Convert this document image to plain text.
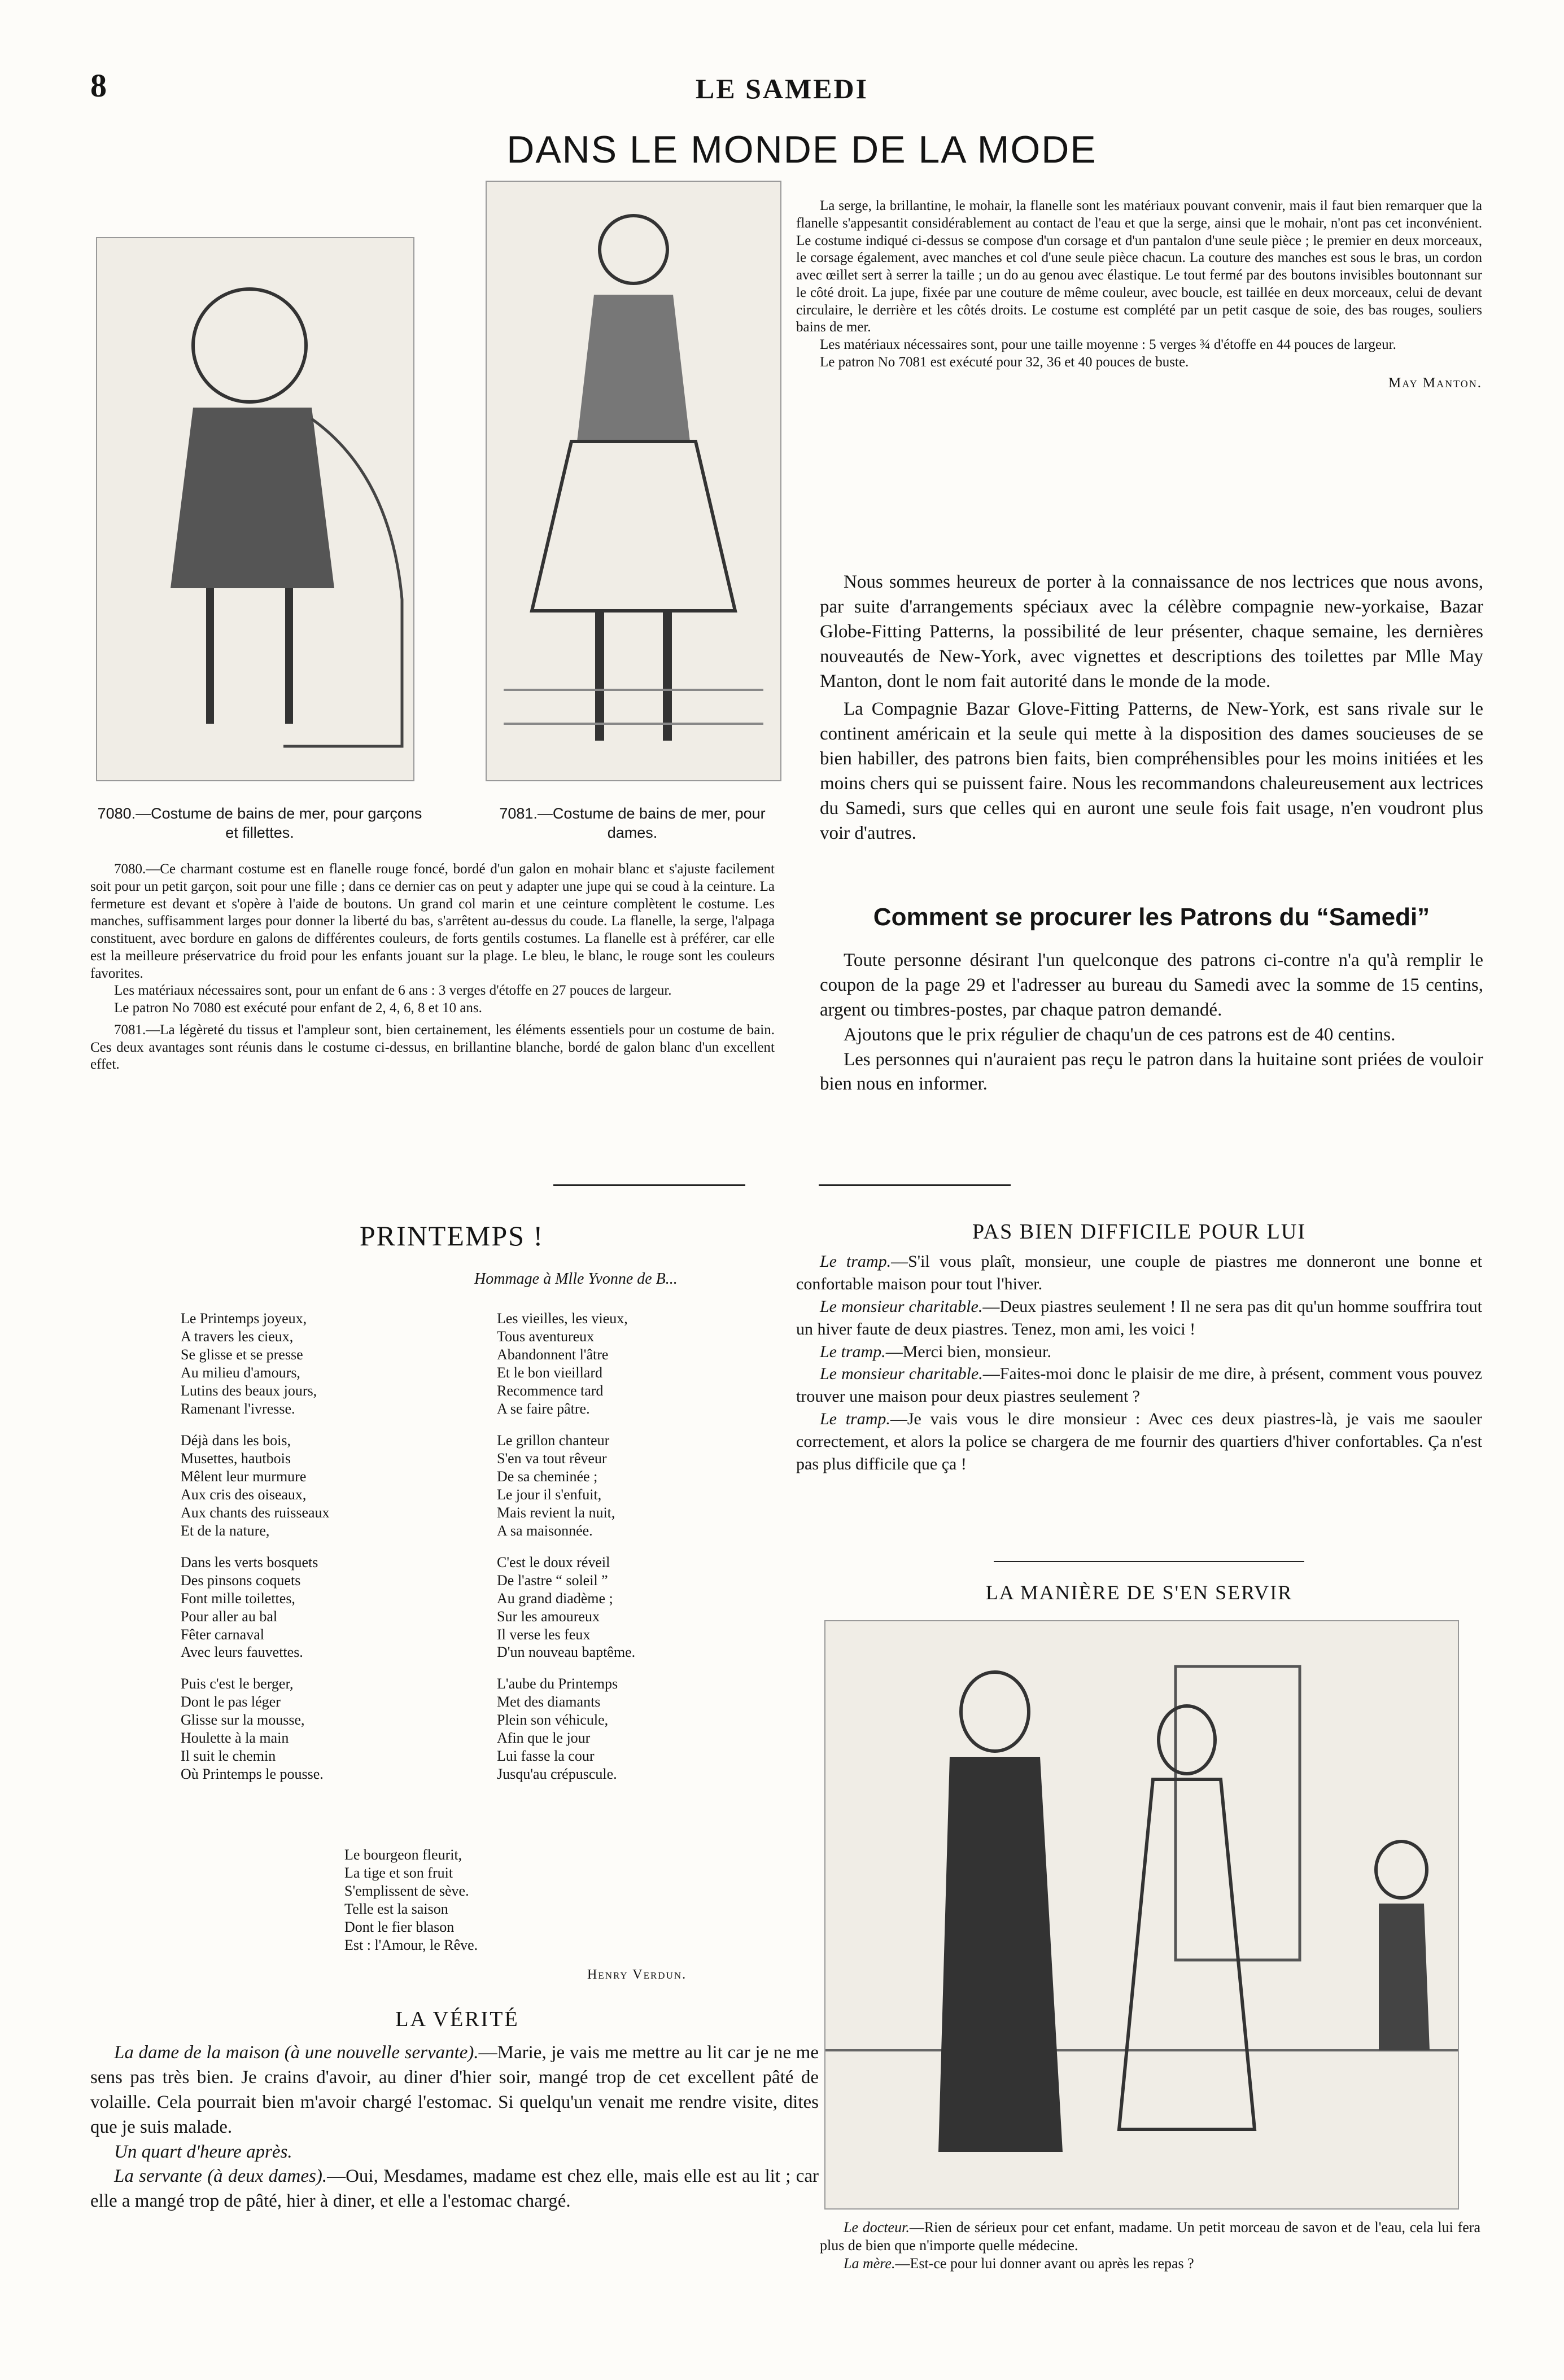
8	LE SAMEDI
DANS LE MONDE DE LA MODE
7080.—Costume de bains de mer, pour garçons et fillettes.
7081.—Costume de bains de mer, pour dames.

7080.—Ce charmant costume est en flanelle rouge foncé, bordé d'un galon en mohair blanc et s'ajuste facilement soit pour un petit garçon, soit pour une fille ; dans ce dernier cas on peut y adapter une jupe qui se coud à la ceinture. La fermeture est devant et s'opère à l'aide de boutons. Un grand col marin et une ceinture complètent le costume. Les manches, suffisamment larges pour donner la liberté du bas, s'arrêtent au-dessus du coude. La flanelle, la serge, l'alpaga constituent, avec bordure en galons de différentes couleurs, de forts gentils costumes. La flanelle est à préférer, car elle est la meilleure préservatrice du froid pour les enfants jouant sur la plage. Le bleu, le blanc, le rouge sont les couleurs favorites.

Les matériaux nécessaires sont, pour un enfant de 6 ans : 3 verges d'étoffe en 27 pouces de largeur.

Le patron No 7080 est exécuté pour enfant de 2, 4, 6, 8 et 10 ans.

7081.—La légèreté du tissus et l'ampleur sont, bien certainement, les éléments essentiels pour un costume de bain. Ces deux avantages sont réunis dans le costume ci-dessus, en brillantine blanche, bordé de galon blanc d'un excellent effet.

La serge, la brillantine, le mohair, la flanelle sont les matériaux pouvant convenir, mais il faut bien remarquer que la flanelle s'appesantit considérablement au contact de l'eau et que la serge, ainsi que le mohair, n'ont pas cet inconvénient. Le costume indiqué ci-dessus se compose d'un corsage et d'un pantalon d'une seule pièce ; le premier en deux morceaux, le corsage également, avec manches et col d'une seule pièce chacun. La couture des manches est sous le bras, un cordon avec œillet sert à serrer la taille ; un do au genou avec élastique. Le tout fermé par des boutons invisibles boutonnant sur le côté droit. La jupe, fixée par une couture de même couleur, avec boucle, est taillée en deux morceaux, celui de devant circulaire, le derrière et les côtés droits. Le costume est complété par un petit casque de soie, des bas rouges, souliers bains de mer.

Les matériaux nécessaires sont, pour une taille moyenne : 5 verges ¾ d'étoffe en 44 pouces de largeur.

Le patron No 7081 est exécuté pour 32, 36 et 40 pouces de buste.

May Manton.

Nous sommes heureux de porter à la connaissance de nos lectrices que nous avons, par suite d'arrangements spéciaux avec la célèbre compagnie new-yorkaise, Bazar Globe-Fitting Patterns, la possibilité de leur présenter, chaque semaine, les dernières nouveautés de New-York, avec vignettes et descriptions des toilettes par Mlle May Manton, dont le nom fait autorité dans le monde de la mode.

La Compagnie Bazar Glove-Fitting Patterns, de New-York, est sans rivale sur le continent américain et la seule qui mette à la disposition des dames soucieuses de se bien habiller, des patrons bien faits, bien compréhensibles pour les moins initiées et les moins chers qui se puissent faire. Nous les recommandons chaleureusement aux lectrices du Samedi, surs que celles qui en auront une seule fois fait usage, n'en voudront plus voir d'autres.

Comment se procurer les Patrons du “Samedi”

Toute personne désirant l'un quelconque des patrons ci-contre n'a qu'à remplir le coupon de la page 29 et l'adresser au bureau du Samedi avec la somme de 15 centins, argent ou timbres-postes, par chaque patron demandé.

Ajoutons que le prix régulier de chaqu'un de ces patrons est de 40 centins.

Les personnes qui n'auraient pas reçu le patron dans la huitaine sont priées de vouloir bien nous en informer.

PRINTEMPS !
Hommage à Mlle Yvonne de B...

Le Printemps joyeux,
A travers les cieux,
Se glisse et se presse
Au milieu d'amours,
Lutins des beaux jours,
Ramenant l'ivresse.

Déjà dans les bois,
Musettes, hautbois
Mêlent leur murmure
Aux cris des oiseaux,
Aux chants des ruisseaux
Et de la nature,

Dans les verts bosquets
Des pinsons coquets
Font mille toilettes,
Pour aller au bal
Fêter carnaval
Avec leurs fauvettes.

Puis c'est le berger,
Dont le pas léger
Glisse sur la mousse,
Houlette à la main
Il suit le chemin
Où Printemps le pousse.

Les vieilles, les vieux,
Tous aventureux
Abandonnent l'âtre
Et le bon vieillard
Recommence tard
A se faire pâtre.

Le grillon chanteur
S'en va tout rêveur
De sa cheminée ;
Le jour il s'enfuit,
Mais revient la nuit,
A sa maisonnée.

C'est le doux réveil
De l'astre “ soleil ”
Au grand diadème ;
Sur les amoureux
Il verse les feux
D'un nouveau baptême.

L'aube du Printemps
Met des diamants
Plein son véhicule,
Afin que le jour
Lui fasse la cour
Jusqu'au crépuscule.

Le bourgeon fleurit,
La tige et son fruit
S'emplissent de sève.
Telle est la saison
Dont le fier blason
Est : l'Amour, le Rêve.
Henry Verdun.
LA VÉRITÉ

La dame de la maison (à une nouvelle servante).—Marie, je vais me mettre au lit car je ne me sens pas très bien. Je crains d'avoir, au diner d'hier soir, mangé trop de cet excellent pâté de volaille. Cela pourrait bien m'avoir chargé l'estomac. Si quelqu'un venait me rendre visite, dites que je suis malade.

Un quart d'heure après.

La servante (à deux dames).—Oui, Mesdames, madame est chez elle, mais elle est au lit ; car elle a mangé trop de pâté, hier à diner, et elle a l'estomac chargé.

PAS BIEN DIFFICILE POUR LUI

Le tramp.—S'il vous plaît, monsieur, une couple de piastres me donneront une bonne et confortable maison pour tout l'hiver.

Le monsieur charitable.—Deux piastres seulement ! Il ne sera pas dit qu'un homme souffrira tout un hiver faute de deux piastres. Tenez, mon ami, les voici !

Le tramp.—Merci bien, monsieur.

Le monsieur charitable.—Faites-moi donc le plaisir de me dire, à présent, comment vous pouvez trouver une maison pour deux piastres seulement ?

Le tramp.—Je vais vous le dire monsieur : Avec ces deux piastres-là, je vais me saouler correctement, et alors la police se chargera de me fournir des quartiers d'hiver confortables. Ça n'est pas plus difficile que ça !

LA MANIÈRE DE S'EN SERVIR

Le docteur.—Rien de sérieux pour cet enfant, madame. Un petit morceau de savon et de l'eau, cela lui fera plus de bien que n'importe quelle médecine.

La mère.—Est-ce pour lui donner avant ou après les repas ?
